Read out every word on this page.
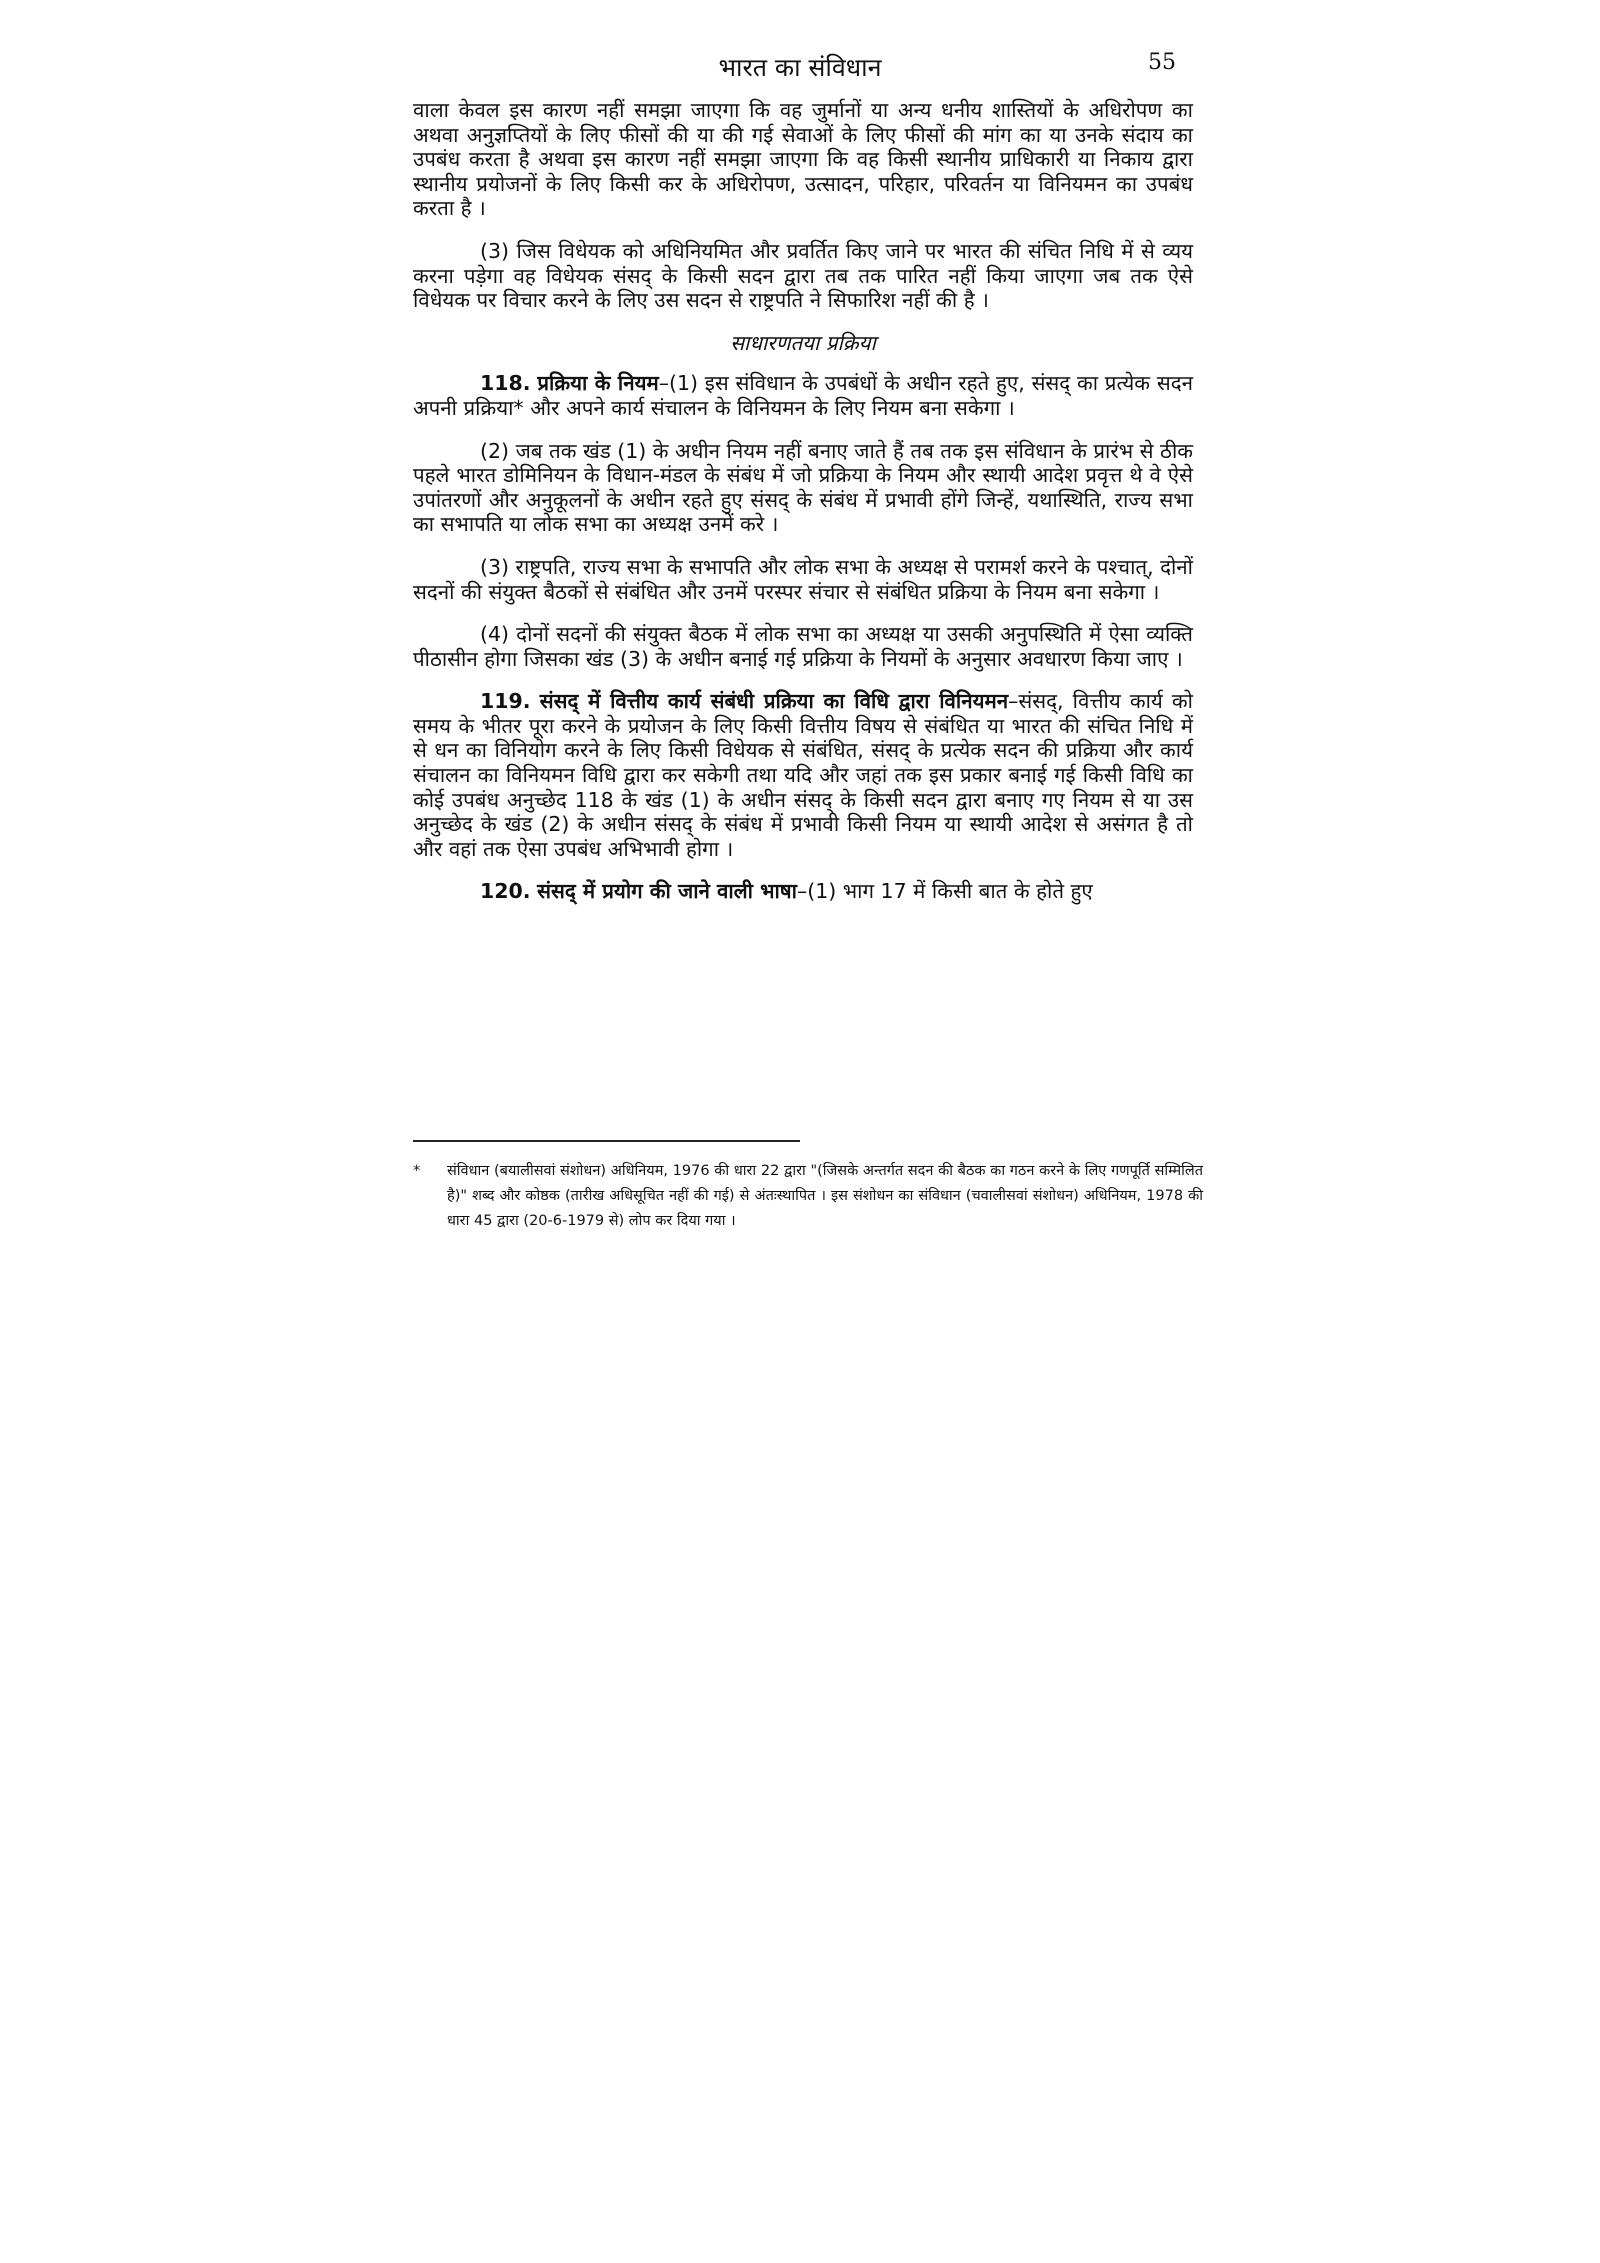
भारत का संविधान	55

वाला केवल इस कारण नहीं समझा जाएगा कि वह जुर्मानों या अन्य धनीय शास्तियों के अधिरोपण का अथवा अनुज्ञप्तियों के लिए फीसों की या की गई सेवाओं के लिए फीसों की मांग का या उनके संदाय का उपबंध करता है अथवा इस कारण नहीं समझा जाएगा कि वह किसी स्थानीय प्राधिकारी या निकाय द्वारा स्थानीय प्रयोजनों के लिए किसी कर के अधिरोपण, उत्सादन, परिहार, परिवर्तन या विनियमन का उपबंध करता है ।

(3) जिस विधेयक को अधिनियमित और प्रवर्तित किए जाने पर भारत की संचित निधि में से व्यय करना पड़ेगा वह विधेयक संसद् के किसी सदन द्वारा तब तक पारित नहीं किया जाएगा जब तक ऐसे विधेयक पर विचार करने के लिए उस सदन से राष्ट्रपति ने सिफारिश नहीं की है ।

साधारणतया प्रक्रिया

118. प्रक्रिया के नियम–(1) इस संविधान के उपबंधों के अधीन रहते हुए, संसद् का प्रत्येक सदन अपनी प्रक्रिया* और अपने कार्य संचालन के विनियमन के लिए नियम बना सकेगा ।

(2) जब तक खंड (1) के अधीन नियम नहीं बनाए जाते हैं तब तक इस संविधान के प्रारंभ से ठीक पहले भारत डोमिनियन के विधान-मंडल के संबंध में जो प्रक्रिया के नियम और स्थायी आदेश प्रवृत्त थे वे ऐसे उपांतरणों और अनुकूलनों के अधीन रहते हुए संसद् के संबंध में प्रभावी होंगे जिन्हें, यथास्थिति, राज्य सभा का सभापति या लोक सभा का अध्यक्ष उनमें करे ।

(3) राष्ट्रपति, राज्य सभा के सभापति और लोक सभा के अध्यक्ष से परामर्श करने के पश्चात्, दोनों सदनों की संयुक्त बैठकों से संबंधित और उनमें परस्पर संचार से संबंधित प्रक्रिया के नियम बना सकेगा ।

(4) दोनों सदनों की संयुक्त बैठक में लोक सभा का अध्यक्ष या उसकी अनुपस्थिति में ऐसा व्यक्ति पीठासीन होगा जिसका खंड (3) के अधीन बनाई गई प्रक्रिया के नियमों के अनुसार अवधारण किया जाए ।

119. संसद् में वित्तीय कार्य संबंधी प्रक्रिया का विधि द्वारा विनियमन–संसद्, वित्तीय कार्य को समय के भीतर पूरा करने के प्रयोजन के लिए किसी वित्तीय विषय से संबंधित या भारत की संचित निधि में से धन का विनियोग करने के लिए किसी विधेयक से संबंधित, संसद् के प्रत्येक सदन की प्रक्रिया और कार्य संचालन का विनियमन विधि द्वारा कर सकेगी तथा यदि और जहां तक इस प्रकार बनाई गई किसी विधि का कोई उपबंध अनुच्छेद 118 के खंड (1) के अधीन संसद् के किसी सदन द्वारा बनाए गए नियम से या उस अनुच्छेद के खंड (2) के अधीन संसद् के संबंध में प्रभावी किसी नियम या स्थायी आदेश से असंगत है तो और वहां तक ऐसा उपबंध अभिभावी होगा ।

120. संसद् में प्रयोग की जाने वाली भाषा–(1) भाग 17 में किसी बात के होते हुए

*	संविधान (बयालीसवां संशोधन) अधिनियम, 1976 की धारा 22 द्वारा "(जिसके अन्तर्गत सदन की बैठक का गठन करने के लिए गणपूर्ति सम्मिलित है)" शब्द और कोष्ठक (तारीख अधिसूचित नहीं की गई) से अंतःस्थापित । इस संशोधन का संविधान (चवालीसवां संशोधन) अधिनियम, 1978 की धारा 45 द्वारा (20-6-1979 से) लोप कर दिया गया ।
